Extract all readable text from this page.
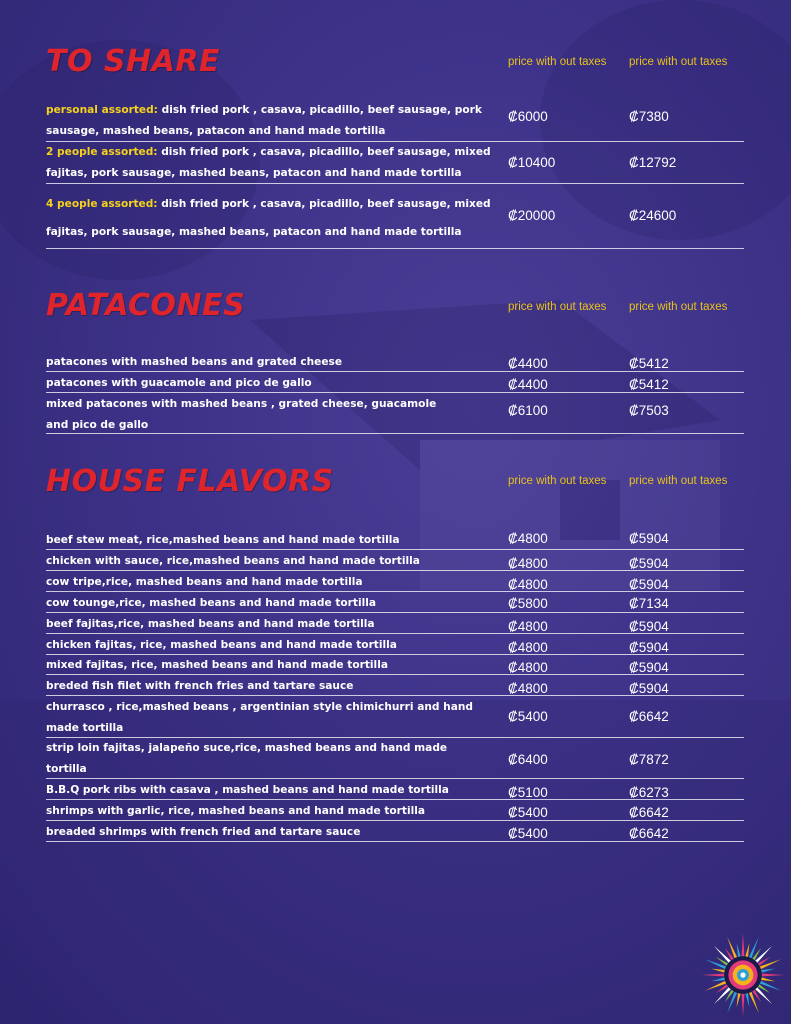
TO SHARE	price with out taxes	price with out taxes
personal assorted: dish fried pork , casava, picadillo, beef sausage, pork sausage, mashed beans, patacon and hand made tortilla
₡6000	₡7380
2 people assorted: dish fried pork , casava, picadillo, beef sausage, mixed fajitas, pork sausage, mashed beans, patacon and hand made tortilla
₡10400	₡12792
4 people assorted: dish fried pork , casava, picadillo, beef sausage, mixed fajitas, pork sausage, mashed beans, patacon and hand made tortilla
₡20000	₡24600
PATACONES	price with out taxes	price with out taxes
patacones with mashed beans and grated cheese	₡4400	₡5412
patacones with guacamole and pico de gallo	₡4400	₡5412
mixed patacones with mashed beans , grated cheese, guacamole and pico de gallo
₡6100	₡7503
HOUSE FLAVORS	price with out taxes	price with out taxes
beef stew meat, rice,mashed beans and hand made tortilla	₡4800	₡5904
chicken with sauce, rice,mashed beans and hand made tortilla	₡4800	₡5904
cow tripe,rice, mashed beans and hand made tortilla	₡4800	₡5904
cow tounge,rice, mashed beans and hand made tortilla	₡5800	₡7134
beef fajitas,rice, mashed beans and hand made tortilla	₡4800	₡5904
chicken fajitas, rice, mashed beans and hand made tortilla	₡4800	₡5904
mixed fajitas, rice, mashed beans and hand made tortilla	₡4800	₡5904
breded fish filet with french fries and tartare sauce	₡4800	₡5904
churrasco , rice,mashed beans , argentinian style chimichurri and hand made tortilla
₡5400	₡6642
strip loin fajitas, jalapeño suce,rice, mashed beans and hand made tortilla
₡6400	₡7872
B.B.Q pork ribs with casava , mashed beans and hand made tortilla	₡5100	₡6273
shrimps with garlic, rice, mashed beans and hand made tortilla	₡5400	₡6642
breaded shrimps with french fried and tartare sauce	₡5400	₡6642
